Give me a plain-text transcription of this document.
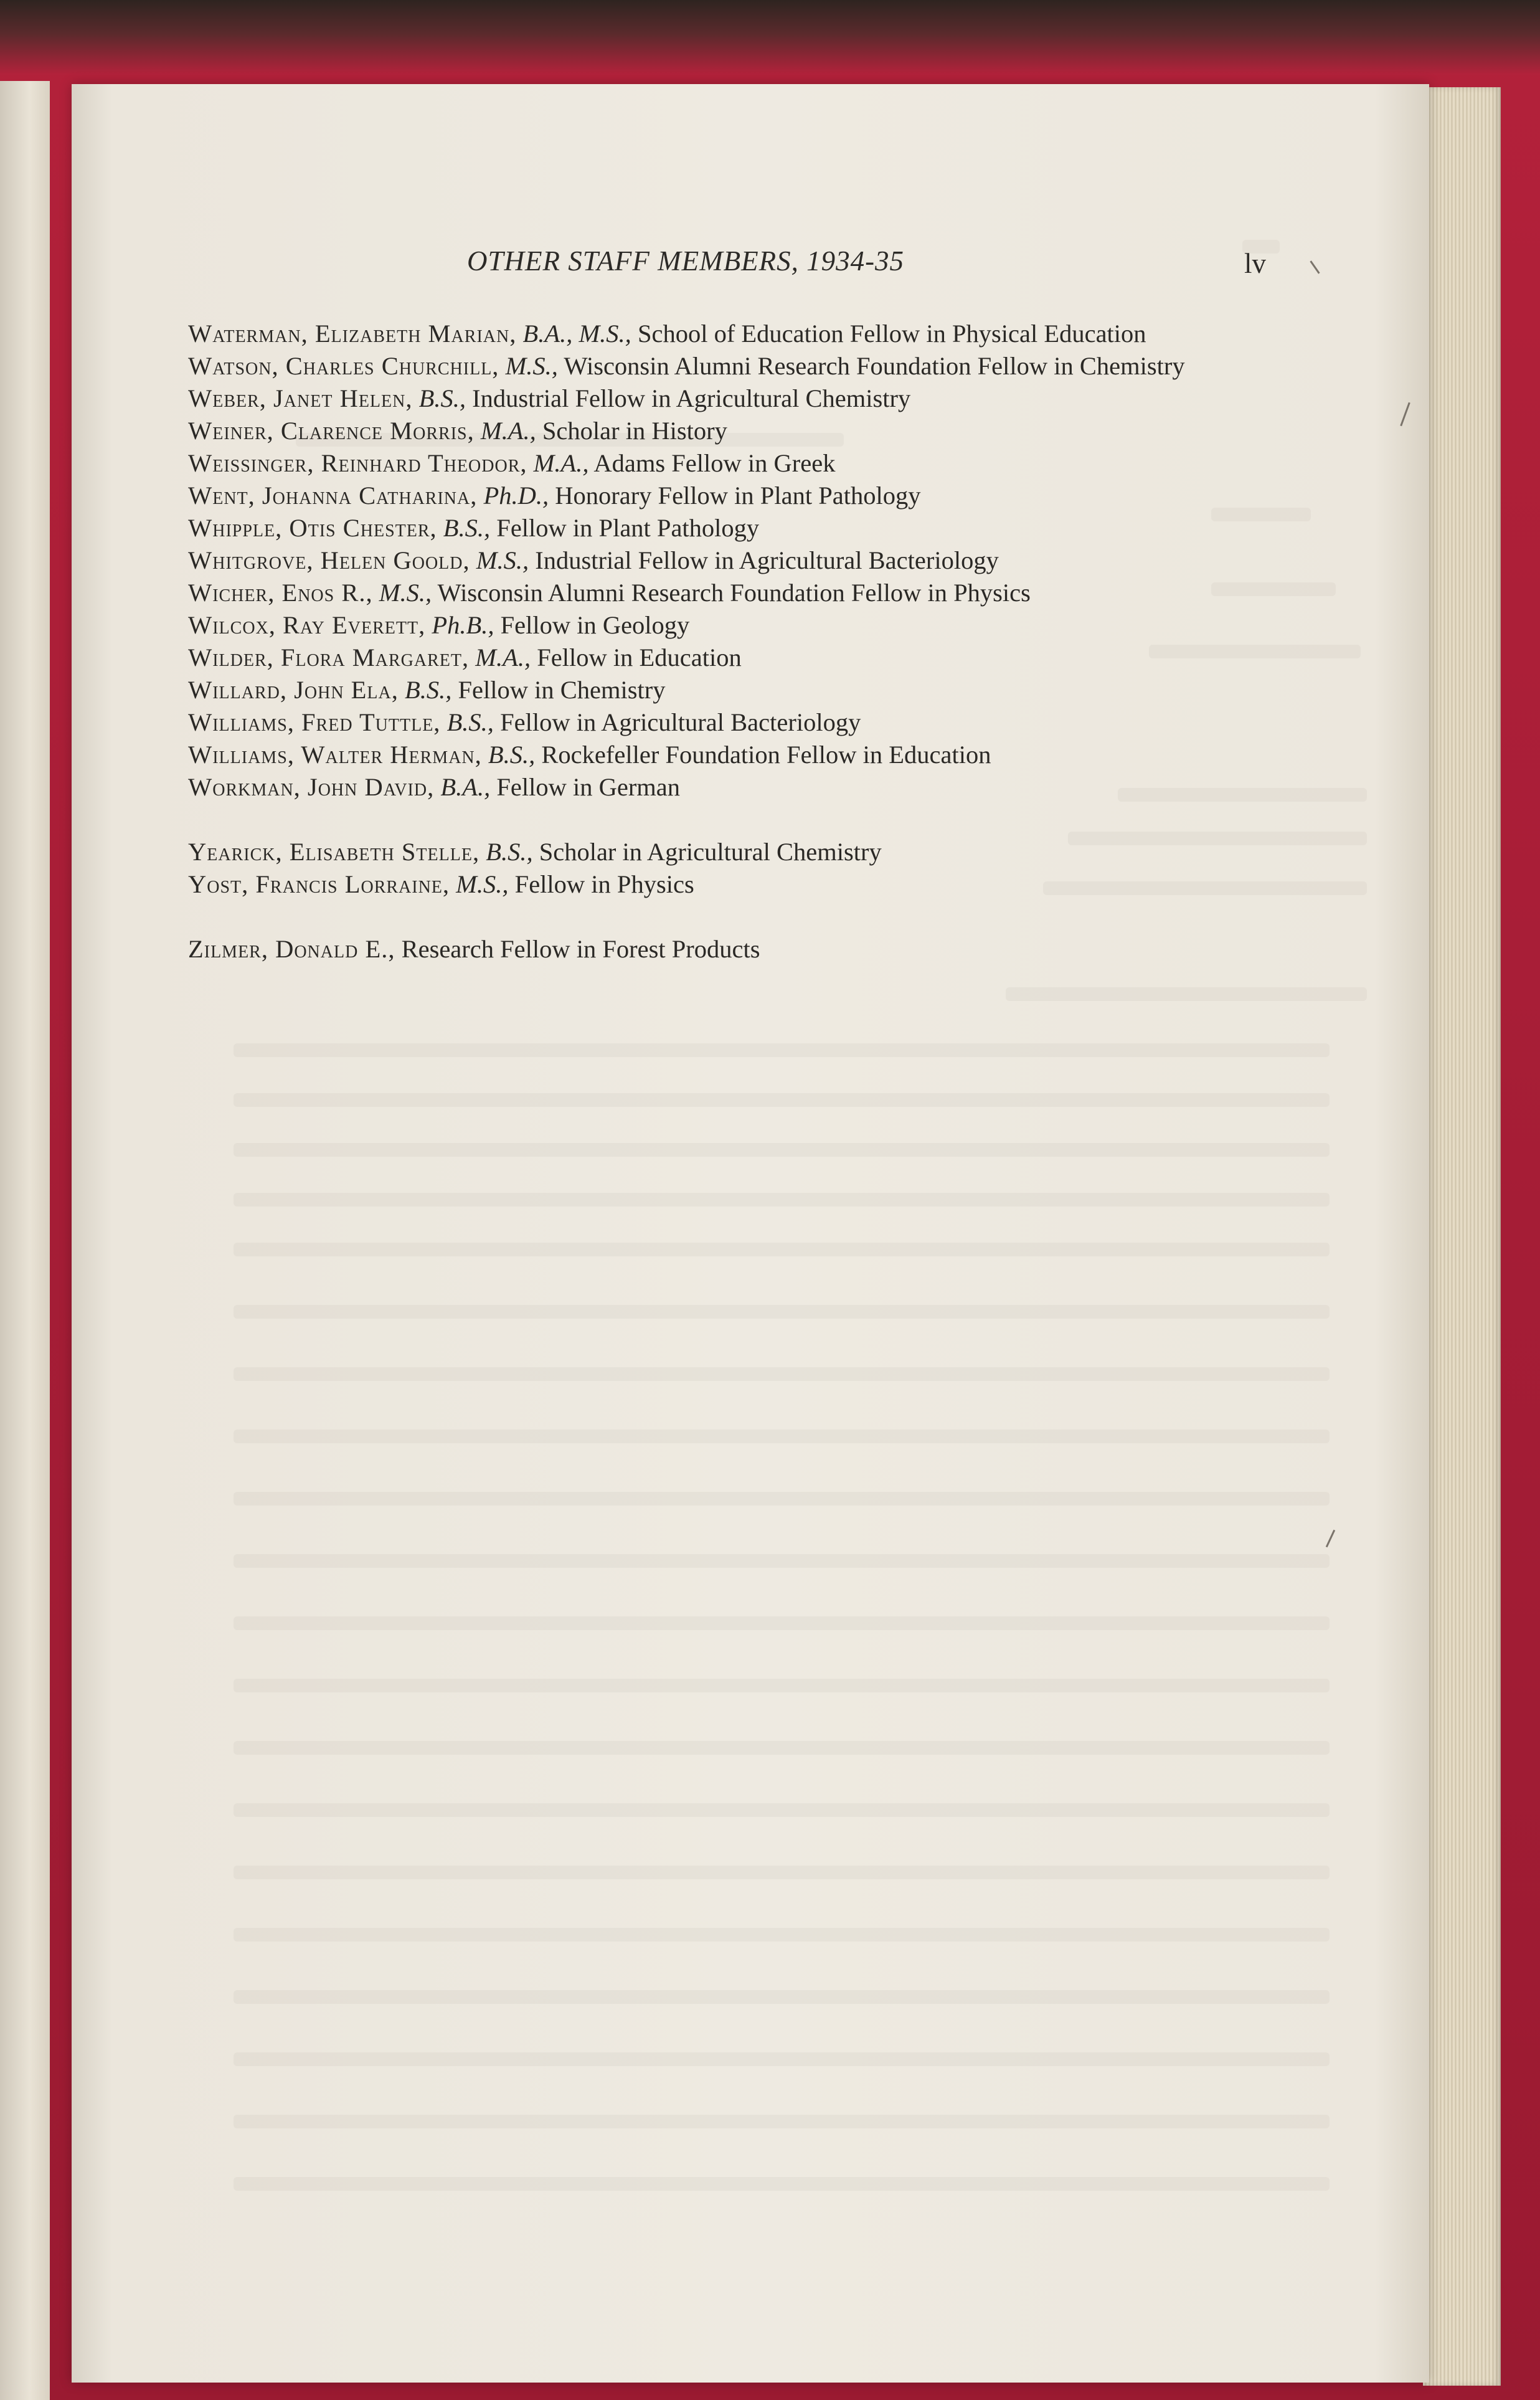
OTHER STAFF MEMBERS, 1934-35	lv

Waterman, Elizabeth Marian, B.A., M.S., School of Education Fellow in Physical Education

Watson, Charles Churchill, M.S., Wisconsin Alumni Research Foundation Fellow in Chemistry

Weber, Janet Helen, B.S., Industrial Fellow in Agricultural Chemistry

Weiner, Clarence Morris, M.A., Scholar in History

Weissinger, Reinhard Theodor, M.A., Adams Fellow in Greek

Went, Johanna Catharina, Ph.D., Honorary Fellow in Plant Pathology

Whipple, Otis Chester, B.S., Fellow in Plant Pathology

Whitgrove, Helen Goold, M.S., Industrial Fellow in Agricultural Bacteriology

Wicher, Enos R., M.S., Wisconsin Alumni Research Foundation Fellow in Physics

Wilcox, Ray Everett, Ph.B., Fellow in Geology

Wilder, Flora Margaret, M.A., Fellow in Education

Willard, John Ela, B.S., Fellow in Chemistry

Williams, Fred Tuttle, B.S., Fellow in Agricultural Bacteriology

Williams, Walter Herman, B.S., Rockefeller Foundation Fellow in Education

Workman, John David, B.A., Fellow in German

Yearick, Elisabeth Stelle, B.S., Scholar in Agricultural Chemistry

Yost, Francis Lorraine, M.S., Fellow in Physics

Zilmer, Donald E., Research Fellow in Forest Products
